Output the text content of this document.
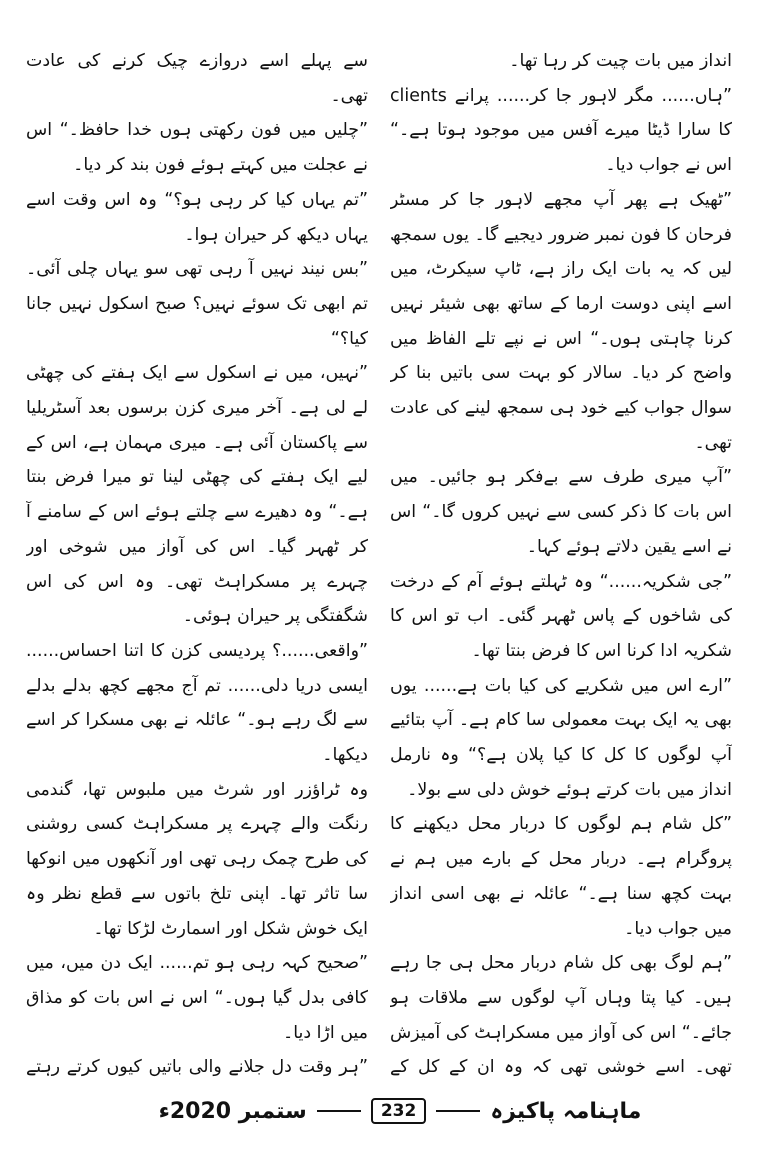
انداز میں بات چیت کر رہا تھا۔

”ہاں...... مگر لاہور جا کر...... پرانے clients کا سارا ڈیٹا میرے آفس میں موجود ہوتا ہے۔“ اس نے جواب دیا۔

”ٹھیک ہے پھر آپ مجھے لاہور جا کر مسٹر فرحان کا فون نمبر ضرور دیجیے گا۔ یوں سمجھ لیں کہ یہ بات ایک راز ہے، ٹاپ سیکرٹ، میں اسے اپنی دوست ارما کے ساتھ بھی شیئر نہیں کرنا چاہتی ہوں۔“ اس نے نپے تلے الفاظ میں واضح کر دیا۔ سالار کو بہت سی باتیں بنا کر سوال جواب کیے خود ہی سمجھ لینے کی عادت تھی۔

”آپ میری طرف سے بےفکر ہو جائیں۔ میں اس بات کا ذکر کسی سے نہیں کروں گا۔“ اس نے اسے یقین دلاتے ہوئے کہا۔

”جی شکریہ......“ وہ ٹہلتے ہوئے آم کے درخت کی شاخوں کے پاس ٹھہر گئی۔ اب تو اس کا شکریہ ادا کرنا اس کا فرض بنتا تھا۔

”ارے اس میں شکریے کی کیا بات ہے...... یوں بھی یہ ایک بہت معمولی سا کام ہے۔ آپ بتائیے آپ لوگوں کا کل کا کیا پلان ہے؟“ وہ نارمل انداز میں بات کرتے ہوئے خوش دلی سے بولا۔

”کل شام ہم لوگوں کا دربار محل دیکھنے کا پروگرام ہے۔ دربار محل کے بارے میں ہم نے بہت کچھ سنا ہے۔“ عائلہ نے بھی اسی انداز میں جواب دیا۔

”ہم لوگ بھی کل شام دربار محل ہی جا رہے ہیں۔ کیا پتا وہاں آپ لوگوں سے ملاقات ہو جائے۔“ اس کی آواز میں مسکراہٹ کی آمیزش تھی۔ اسے خوشی تھی کہ وہ ان کے کل کے

سے پہلے اسے دروازے چیک کرنے کی عادت تھی۔

”چلیں میں فون رکھتی ہوں خدا حافظ۔“ اس نے عجلت میں کہتے ہوئے فون بند کر دیا۔

”تم یہاں کیا کر رہی ہو؟“ وہ اس وقت اسے یہاں دیکھ کر حیران ہوا۔

”بس نیند نہیں آ رہی تھی سو یہاں چلی آئی۔ تم ابھی تک سوئے نہیں؟ صبح اسکول نہیں جانا کیا؟“

”نہیں، میں نے اسکول سے ایک ہفتے کی چھٹی لے لی ہے۔ آخر میری کزن برسوں بعد آسٹریلیا سے پاکستان آئی ہے۔ میری مہمان ہے، اس کے لیے ایک ہفتے کی چھٹی لینا تو میرا فرض بنتا ہے۔“ وہ دھیرے سے چلتے ہوئے اس کے سامنے آ کر ٹھہر گیا۔ اس کی آواز میں شوخی اور چہرے پر مسکراہٹ تھی۔ وہ اس کی اس شگفتگی پر حیران ہوئی۔

”واقعی......؟ پردیسی کزن کا اتنا احساس...... ایسی دریا دلی...... تم آج مجھے کچھ بدلے بدلے سے لگ رہے ہو۔“ عائلہ نے بھی مسکرا کر اسے دیکھا۔

وہ ٹراؤزر اور شرٹ میں ملبوس تھا، گندمی رنگت والے چہرے پر مسکراہٹ کسی روشنی کی طرح چمک رہی تھی اور آنکھوں میں انوکھا سا تاثر تھا۔ اپنی تلخ باتوں سے قطع نظر وہ ایک خوش شکل اور اسمارٹ لڑکا تھا۔

”صحیح کہہ رہی ہو تم...... ایک دن میں، میں کافی بدل گیا ہوں۔“ اس نے اس بات کو مذاق میں اڑا دیا۔

”ہر وقت دل جلانے والی باتیں کیوں کرتے رہتے

ماہنامہ پاکیزہ
232
ستمبر 2020ء
